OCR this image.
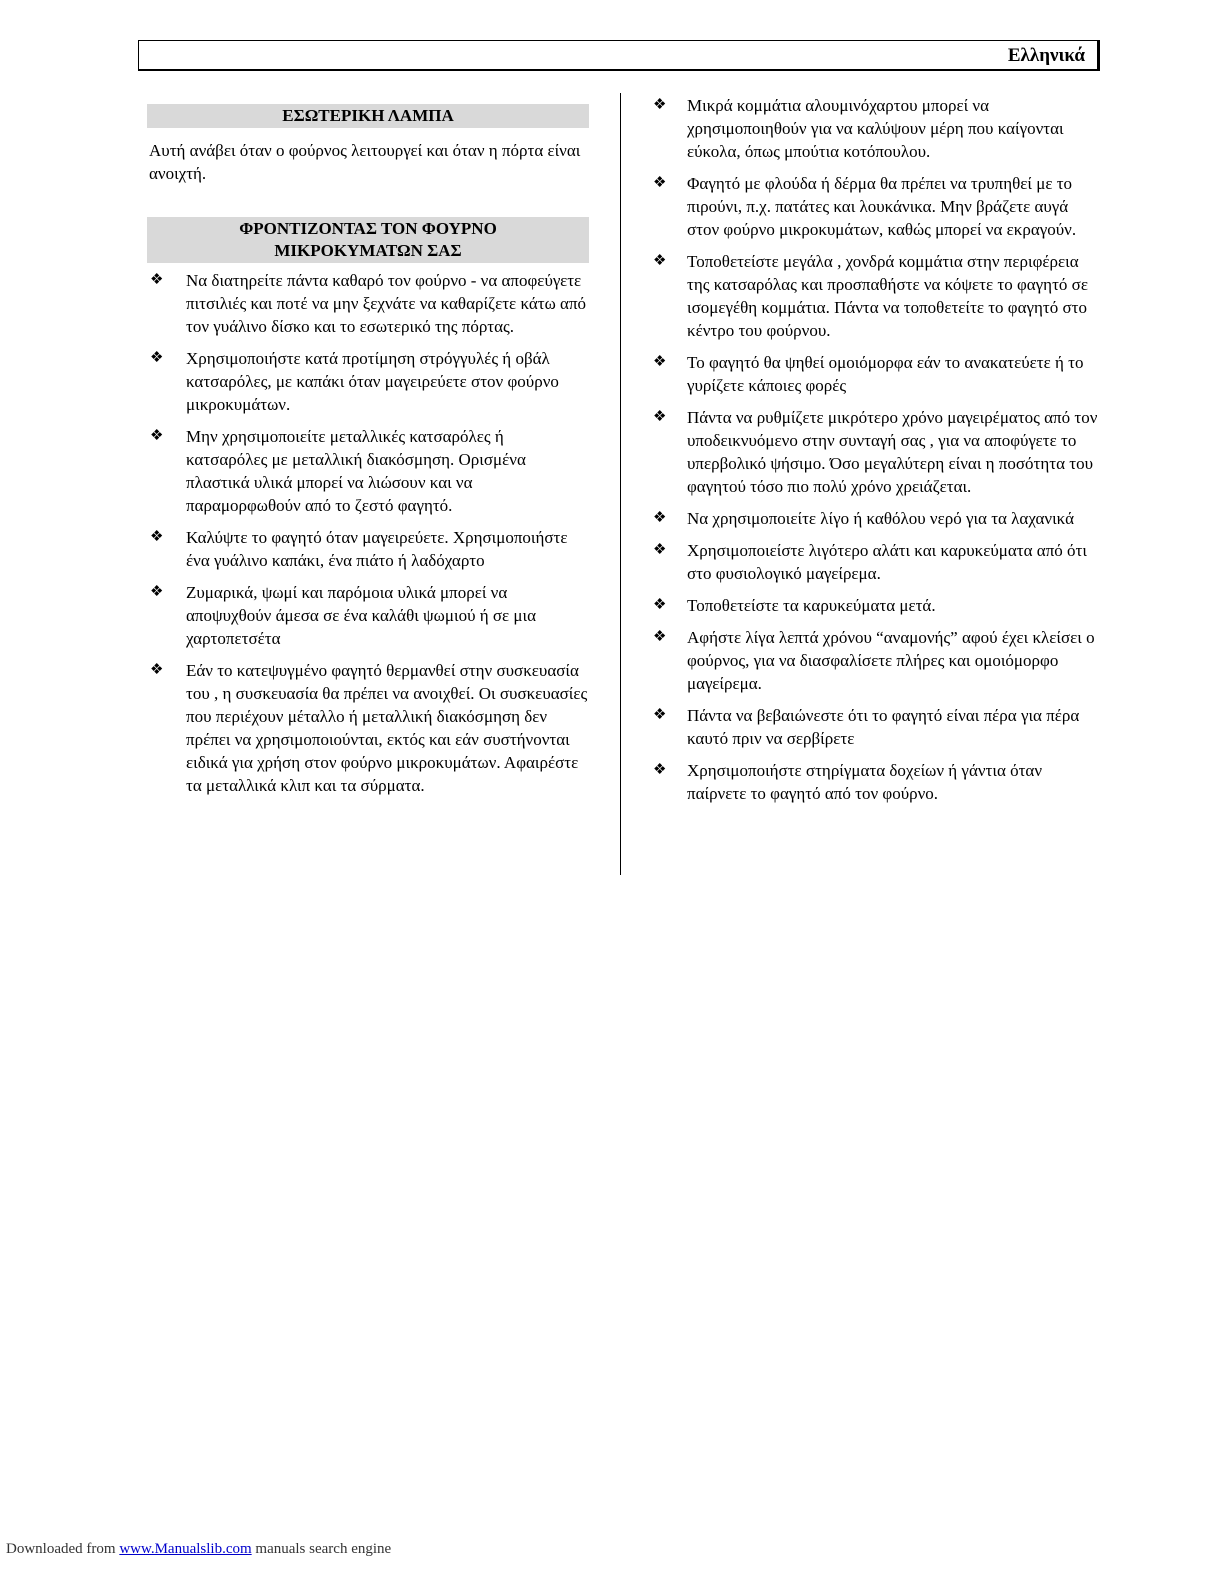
Ελληνικά
ΕΣΩΤΕΡΙΚΗ ΛΑΜΠΑ
Αυτή ανάβει όταν ο φούρνος λειτουργεί και όταν η πόρτα είναι ανοιχτή.
ΦΡΟΝΤΙΖΟΝΤΑΣ ΤΟΝ ΦΟΥΡΝΟ
ΜΙΚΡΟΚΥΜΑΤΩΝ ΣΑΣ
❖	Να διατηρείτε πάντα καθαρό τον φούρνο - να αποφεύγετε πιτσιλιές και ποτέ να μην ξεχνάτε να καθαρίζετε κάτω από τον γυάλινο δίσκο και το εσωτερικό της πόρτας.
❖	Χρησιμοποιήστε κατά προτίμηση στρόγγυλές ή οβάλ κατσαρόλες, με καπάκι όταν μαγειρεύετε στον φούρνο μικροκυμάτων.
❖	Μην χρησιμοποιείτε μεταλλικές κατσαρόλες ή κατσαρόλες με μεταλλική διακόσμηση. Ορισμένα πλαστικά υλικά μπορεί να λιώσουν και να παραμορφωθούν από το ζεστό φαγητό.
❖	Καλύψτε το φαγητό όταν μαγειρεύετε. Χρησιμοποιήστε ένα γυάλινο καπάκι, ένα πιάτο ή λαδόχαρτο
❖	Ζυμαρικά, ψωμί και παρόμοια υλικά μπορεί να αποψυχθούν άμεσα σε ένα καλάθι ψωμιού ή σε μια χαρτοπετσέτα
❖	Εάν το κατεψυγμένο φαγητό θερμανθεί στην συσκευασία του , η συσκευασία θα πρέπει να ανοιχθεί. Οι συσκευασίες που περιέχουν μέταλλο ή μεταλλική διακόσμηση δεν πρέπει να χρησιμοποιούνται, εκτός και εάν συστήνονται ειδικά για χρήση στον φούρνο μικροκυμάτων. Αφαιρέστε τα μεταλλικά κλιπ και τα σύρματα.
❖	Μικρά κομμάτια αλουμινόχαρτου μπορεί να χρησιμοποιηθούν για να καλύψουν μέρη που καίγονται εύκολα, όπως μπούτια κοτόπουλου.
❖	Φαγητό με φλούδα ή δέρμα θα πρέπει να τρυπηθεί με το πιρούνι, π.χ. πατάτες και λουκάνικα. Μην βράζετε αυγά στον φούρνο μικροκυμάτων, καθώς μπορεί να εκραγούν.
❖	Τοποθετείστε μεγάλα , χονδρά κομμάτια στην περιφέρεια της κατσαρόλας και προσπαθήστε να κόψετε το φαγητό σε ισομεγέθη κομμάτια. Πάντα να τοποθετείτε το φαγητό στο κέντρο του φούρνου.
❖	Το φαγητό θα ψηθεί ομοιόμορφα εάν το ανακατεύετε ή το γυρίζετε κάποιες φορές
❖	Πάντα να ρυθμίζετε μικρότερο χρόνο μαγειρέματος από τον υποδεικνυόμενο στην συνταγή σας , για να αποφύγετε το υπερβολικό ψήσιμο. Όσο μεγαλύτερη είναι η ποσότητα του φαγητού τόσο πιο πολύ χρόνο χρειάζεται.
❖	Να χρησιμοποιείτε λίγο ή καθόλου νερό για τα λαχανικά
❖	Χρησιμοποιείστε λιγότερο αλάτι και καρυκεύματα από ότι στο φυσιολογικό μαγείρεμα.
❖	Τοποθετείστε τα καρυκεύματα μετά.
❖	Αφήστε λίγα λεπτά χρόνου “αναμονής” αφού έχει κλείσει ο φούρνος, για να διασφαλίσετε πλήρες και ομοιόμορφο μαγείρεμα.
❖	Πάντα να βεβαιώνεστε ότι το φαγητό είναι πέρα για πέρα καυτό πριν να σερβίρετε
❖	Χρησιμοποιήστε στηρίγματα δοχείων ή γάντια όταν παίρνετε το φαγητό από τον φούρνο.
Downloaded from www.Manualslib.com manuals search engine
